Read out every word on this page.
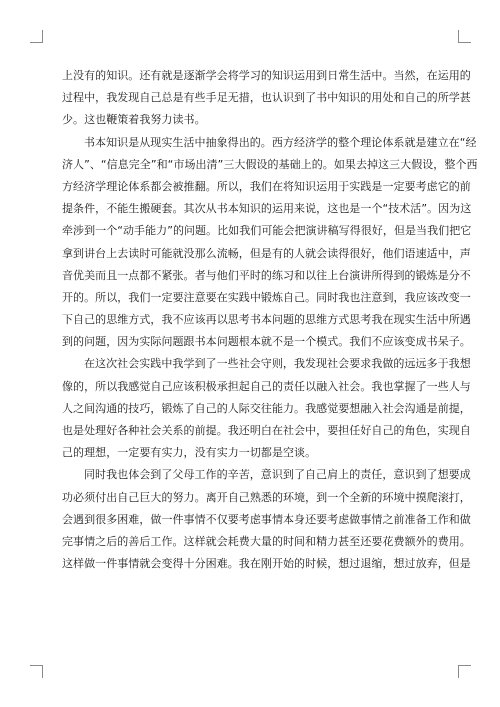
上没有的知识。还有就是逐渐学会将学习的知识运用到日常生活中。当然，在运用的
过程中，我发现自己总是有些手足无措，也认识到了书中知识的用处和自己的所学甚
少。这也鞭策着我努力读书。
书本知识是从现实生活中抽象得出的。西方经济学的整个理论体系就是建立在“经
济人”、“信息完全”和“市场出清”三大假设的基础上的。如果去掉这三大假设，整个西
方经济学理论体系都会被推翻。所以，我们在将知识运用于实践是一定要考虑它的前
提条件，不能生搬硬套。其次从书本知识的运用来说，这也是一个“技术活”。因为这
牵涉到一个“动手能力”的问题。比如我们可能会把演讲稿写得很好，但是当我们把它
拿到讲台上去读时可能就没那么流畅，但是有的人就会读得很好，他们语速适中，声
音优美而且一点都不紧张。者与他们平时的练习和以往上台演讲所得到的锻炼是分不
开的。所以，我们一定要注意要在实践中锻炼自己。同时我也注意到，我应该改变一
下自己的思维方式，我不应该再以思考书本问题的思维方式思考我在现实生活中所遇
到的问题，因为实际问题跟书本问题根本就不是一个模式。我们不应该变成书呆子。
在这次社会实践中我学到了一些社会守则，我发现社会要求我做的远远多于我想
像的，所以我感觉自己应该积极承担起自己的责任以融入社会。我也掌握了一些人与
人之间沟通的技巧，锻炼了自己的人际交往能力。我感觉要想融入社会沟通是前提，
也是处理好各种社会关系的前提。我还明白在社会中，要担任好自己的角色，实现自
己的理想，一定要有实力，没有实力一切都是空谈。
同时我也体会到了父母工作的辛苦，意识到了自己肩上的责任，意识到了想要成
功必须付出自己巨大的努力。离开自己熟悉的环境，到一个全新的环境中摸爬滚打，
会遇到很多困难，做一件事情不仅要考虑事情本身还要考虑做事情之前准备工作和做
完事情之后的善后工作。这样就会耗费大量的时间和精力甚至还要花费额外的费用。
这样做一件事情就会变得十分困难。我在刚开始的时候，想过退缩，想过放弃，但是
